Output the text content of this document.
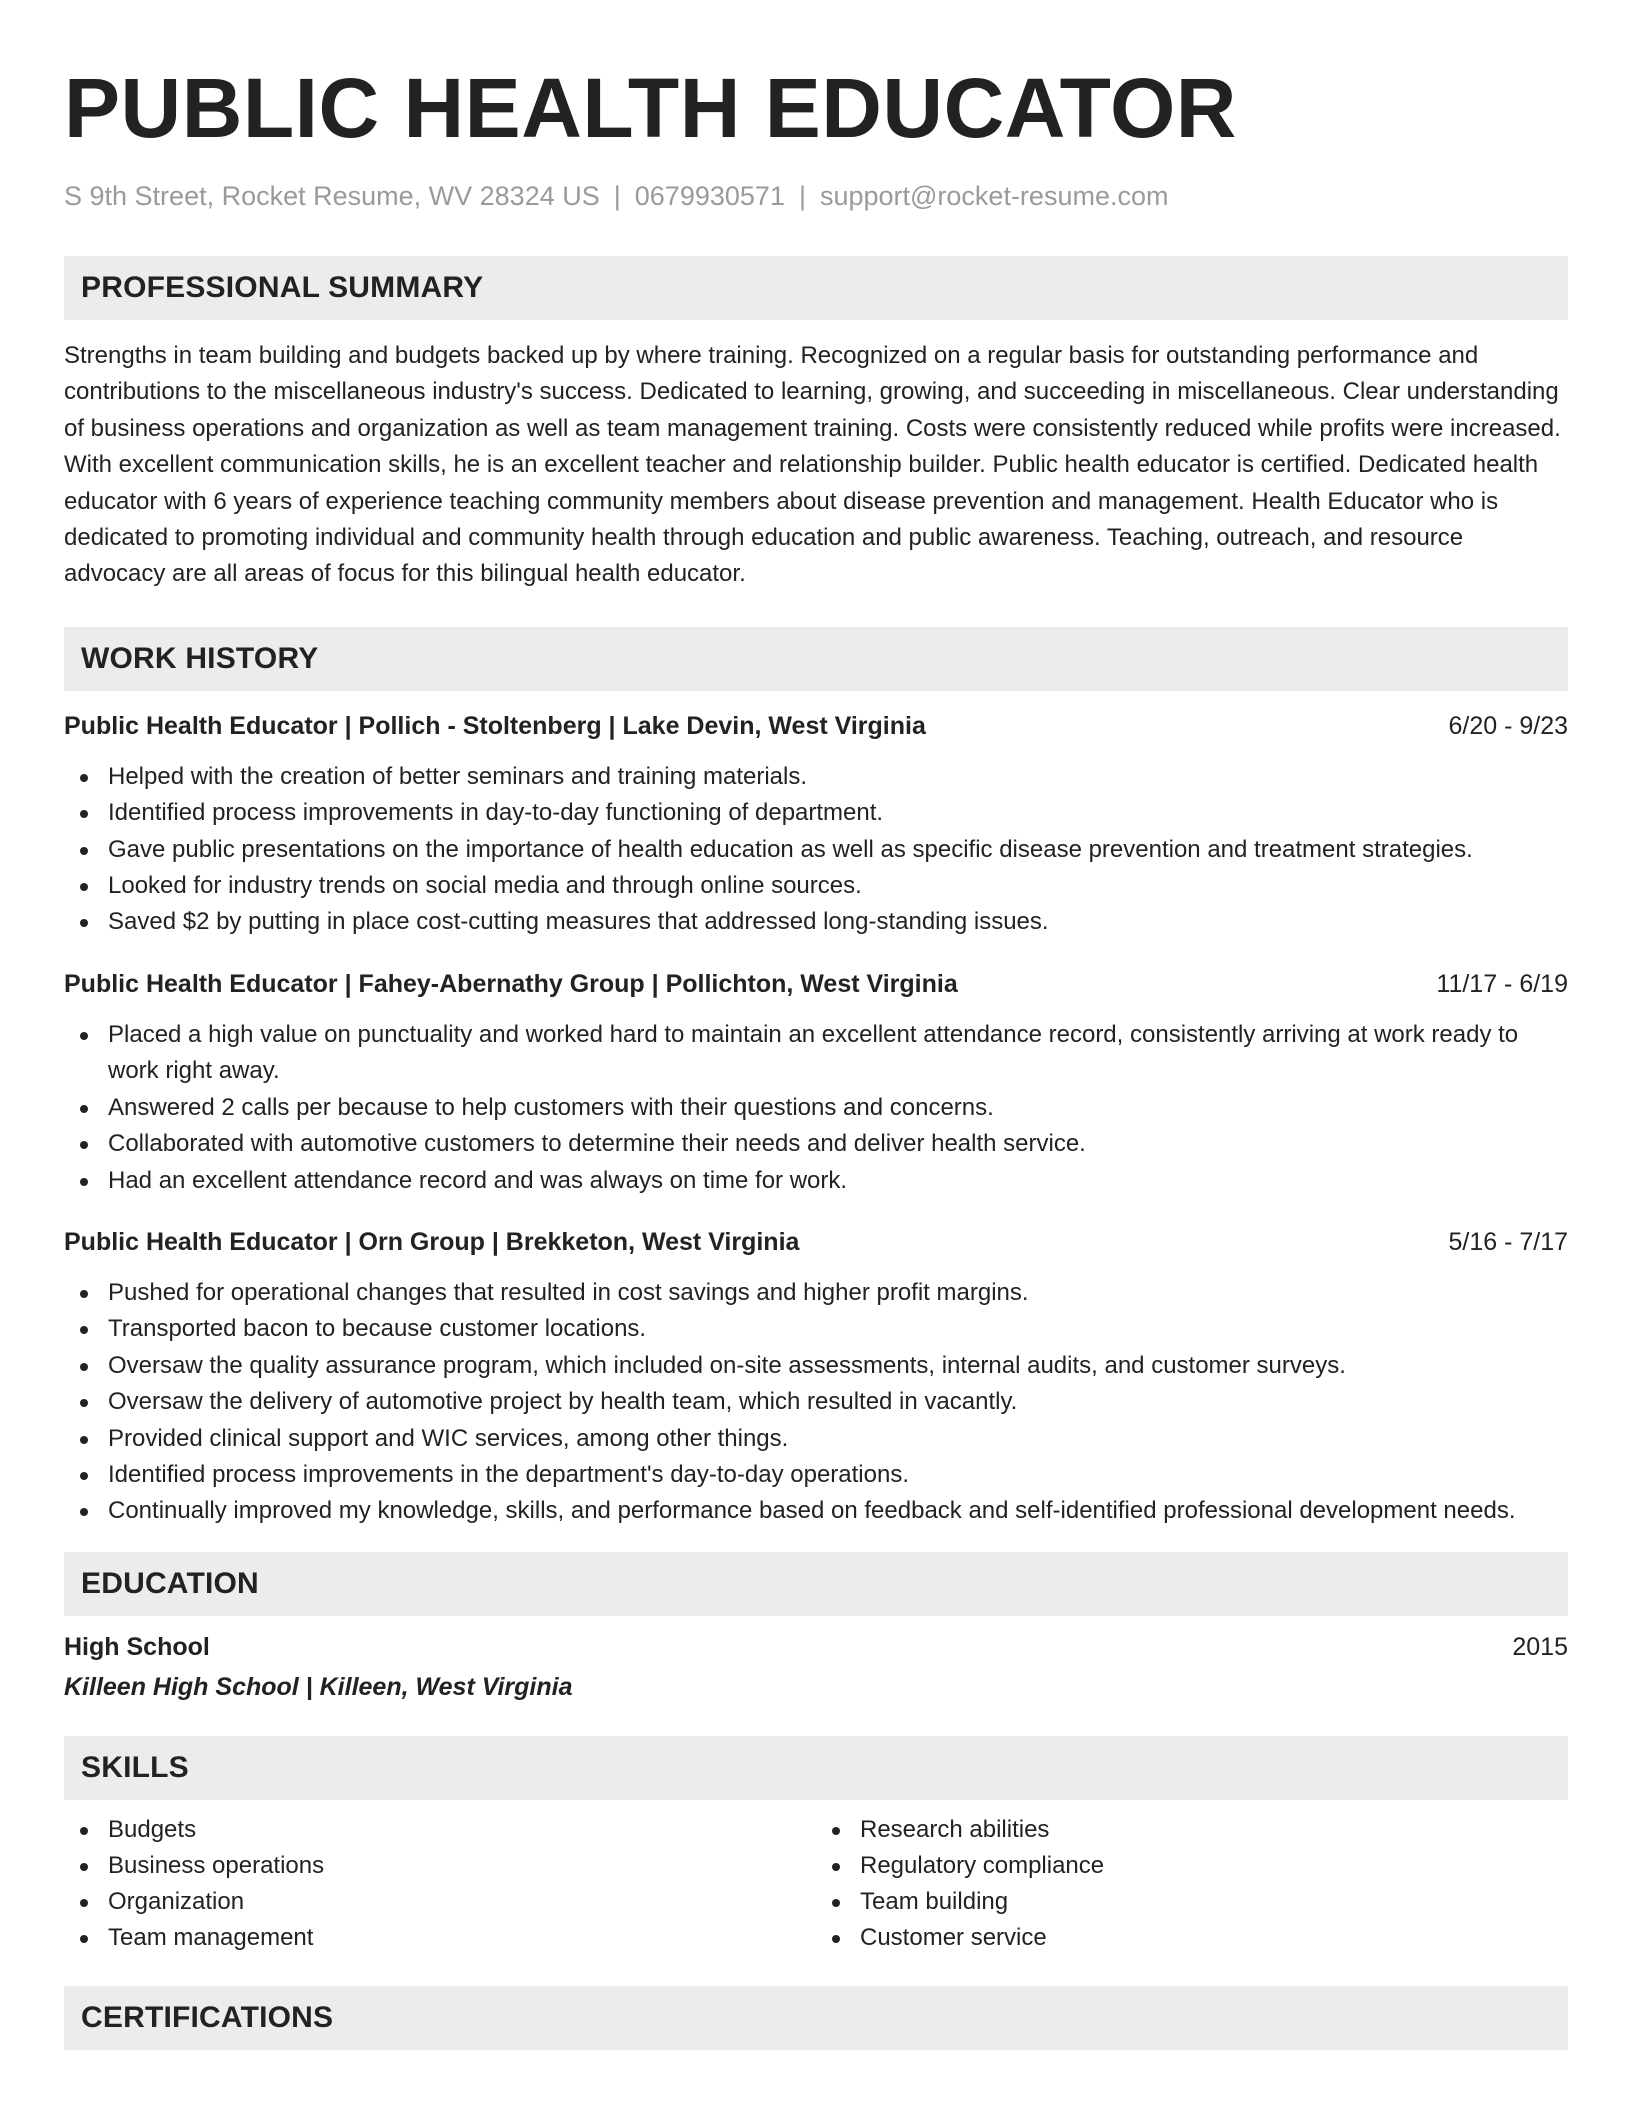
PUBLIC HEALTH EDUCATOR
S 9th Street, Rocket Resume, WV 28324 US | 0679930571 | support@rocket-resume.com
PROFESSIONAL SUMMARY

Strengths in team building and budgets backed up by where training. Recognized on a regular basis for outstanding performance and contributions to the miscellaneous industry's success. Dedicated to learning, growing, and succeeding in miscellaneous. Clear understanding of business operations and organization as well as team management training. Costs were consistently reduced while profits were increased. With excellent communication skills, he is an excellent teacher and relationship builder. Public health educator is certified. Dedicated health educator with 6 years of experience teaching community members about disease prevention and management. Health Educator who is dedicated to promoting individual and community health through education and public awareness. Teaching, outreach, and resource advocacy are all areas of focus for this bilingual health educator.

WORK HISTORY
Public Health Educator | Pollich - Stoltenberg | Lake Devin, West Virginia	6/20 - 9/23
Helped with the creation of better seminars and training materials.
Identified process improvements in day-to-day functioning of department.
Gave public presentations on the importance of health education as well as specific disease prevention and treatment strategies.
Looked for industry trends on social media and through online sources.
Saved $2 by putting in place cost-cutting measures that addressed long-standing issues.
Public Health Educator | Fahey-Abernathy Group | Pollichton, West Virginia	11/17 - 6/19
Placed a high value on punctuality and worked hard to maintain an excellent attendance record, consistently arriving at work ready to work right away.
Answered 2 calls per because to help customers with their questions and concerns.
Collaborated with automotive customers to determine their needs and deliver health service.
Had an excellent attendance record and was always on time for work.
Public Health Educator | Orn Group | Brekketon, West Virginia	5/16 - 7/17
Pushed for operational changes that resulted in cost savings and higher profit margins.
Transported bacon to because customer locations.
Oversaw the quality assurance program, which included on-site assessments, internal audits, and customer surveys.
Oversaw the delivery of automotive project by health team, which resulted in vacantly.
Provided clinical support and WIC services, among other things.
Identified process improvements in the department's day-to-day operations.
Continually improved my knowledge, skills, and performance based on feedback and self-identified professional development needs.
EDUCATION
High School	2015
Killeen High School | Killeen, West Virginia
SKILLS
Budgets
Business operations
Organization
Team management
Research abilities
Regulatory compliance
Team building
Customer service
CERTIFICATIONS
